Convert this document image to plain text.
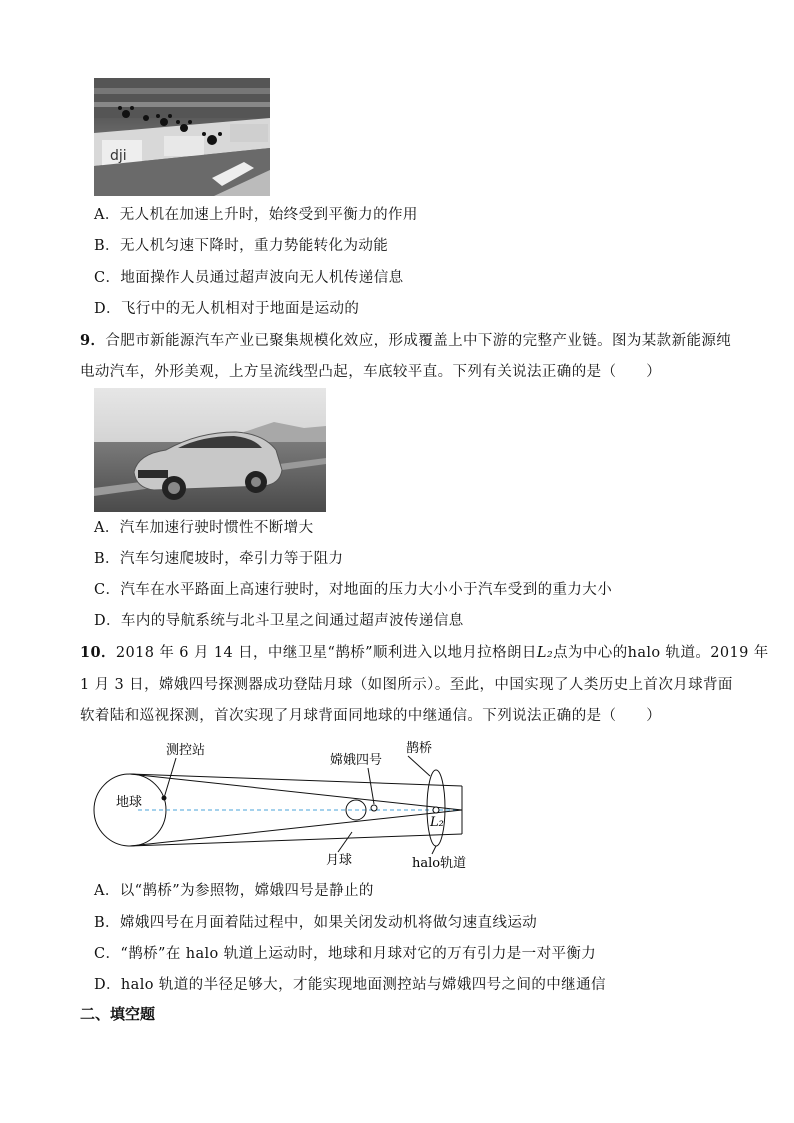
dji
A．无人机在加速上升时，始终受到平衡力的作用
B．无人机匀速下降时，重力势能转化为动能
C．地面操作人员通过超声波向无人机传递信息
D．飞行中的无人机相对于地面是运动的
9．合肥市新能源汽车产业已聚集规模化效应，形成覆盖上中下游的完整产业链。图为某款新能源纯
电动汽车，外形美观，上方呈流线型凸起，车底较平直。下列有关说法正确的是（　　）
A．汽车加速行驶时惯性不断增大
B．汽车匀速爬坡时，牵引力等于阻力
C．汽车在水平路面上高速行驶时，对地面的压力大小小于汽车受到的重力大小
D．车内的导航系统与北斗卫星之间通过超声波传递信息
10．2018 年 6 月 14 日，中继卫星“鹊桥”顺利进入以地月拉格朗日L₂点为中心的halo 轨道。2019 年
1 月 3 日，嫦娥四号探测器成功登陆月球（如图所示）。至此，中国实现了人类历史上首次月球背面
软着陆和巡视探测，首次实现了月球背面同地球的中继通信。下列说法正确的是（　　）
测控站
嫦娥四号
鹊桥
地球
月球
L₂
halo轨道
A．以“鹊桥”为参照物，嫦娥四号是静止的
B．嫦娥四号在月面着陆过程中，如果关闭发动机将做匀速直线运动
C．“鹊桥”在 halo 轨道上运动时，地球和月球对它的万有引力是一对平衡力
D．halo 轨道的半径足够大，才能实现地面测控站与嫦娥四号之间的中继通信
二、填空题
